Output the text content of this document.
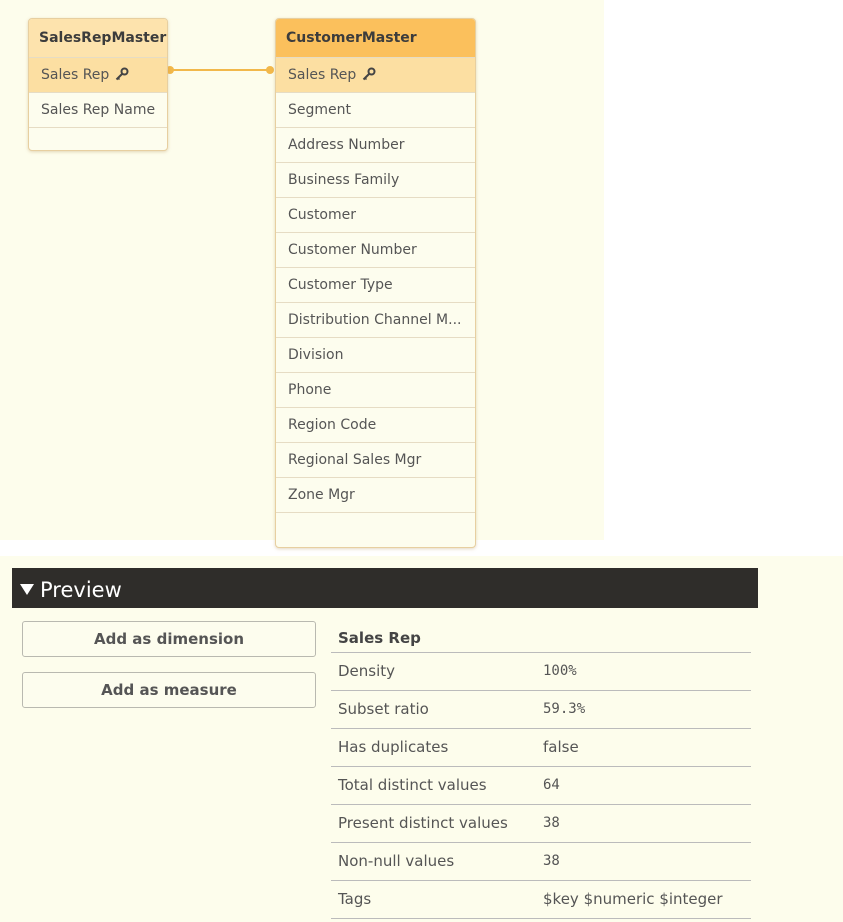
SalesRepMaster
Sales Rep
Sales Rep Name
CustomerMaster
Sales Rep
Segment
Address Number
Business Family
Customer
Customer Number
Customer Type
Distribution Channel M...
Division
Phone
Region Code
Regional Sales Mgr
Zone Mgr
Preview
Add as dimension
Add as measure
Sales Rep
Density	100%
Subset ratio	59.3%
Has duplicates	false
Total distinct values	64
Present distinct values	38
Non-null values	38
Tags	$key $numeric $integer
